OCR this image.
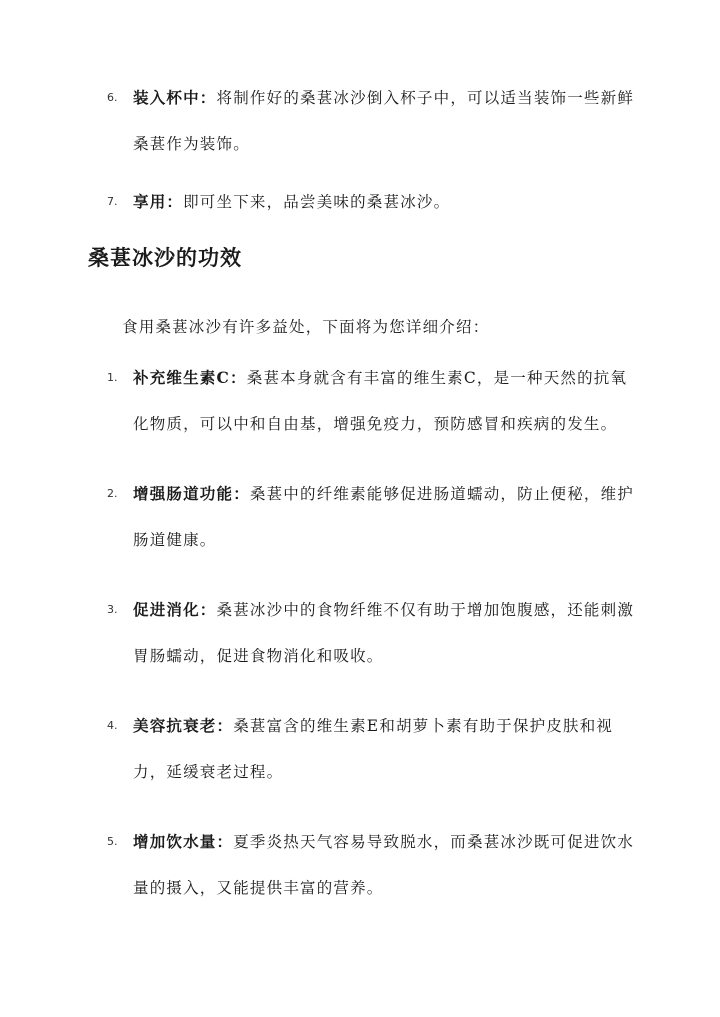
6. 装入杯中：将制作好的桑葚冰沙倒入杯子中，可以适当装饰一些新鲜桑葚作为装饰。
7. 享用：即可坐下来，品尝美味的桑葚冰沙。
桑葚冰沙的功效

食用桑葚冰沙有许多益处，下面将为您详细介绍：

1. 补充维生素C：桑葚本身就含有丰富的维生素C，是一种天然的抗氧化物质，可以中和自由基，增强免疫力，预防感冒和疾病的发生。
2. 增强肠道功能：桑葚中的纤维素能够促进肠道蠕动，防止便秘，维护肠道健康。
3. 促进消化：桑葚冰沙中的食物纤维不仅有助于增加饱腹感，还能刺激胃肠蠕动，促进食物消化和吸收。
4. 美容抗衰老：桑葚富含的维生素E和胡萝卜素有助于保护皮肤和视力，延缓衰老过程。
5. 增加饮水量：夏季炎热天气容易导致脱水，而桑葚冰沙既可促进饮水量的摄入，又能提供丰富的营养。
